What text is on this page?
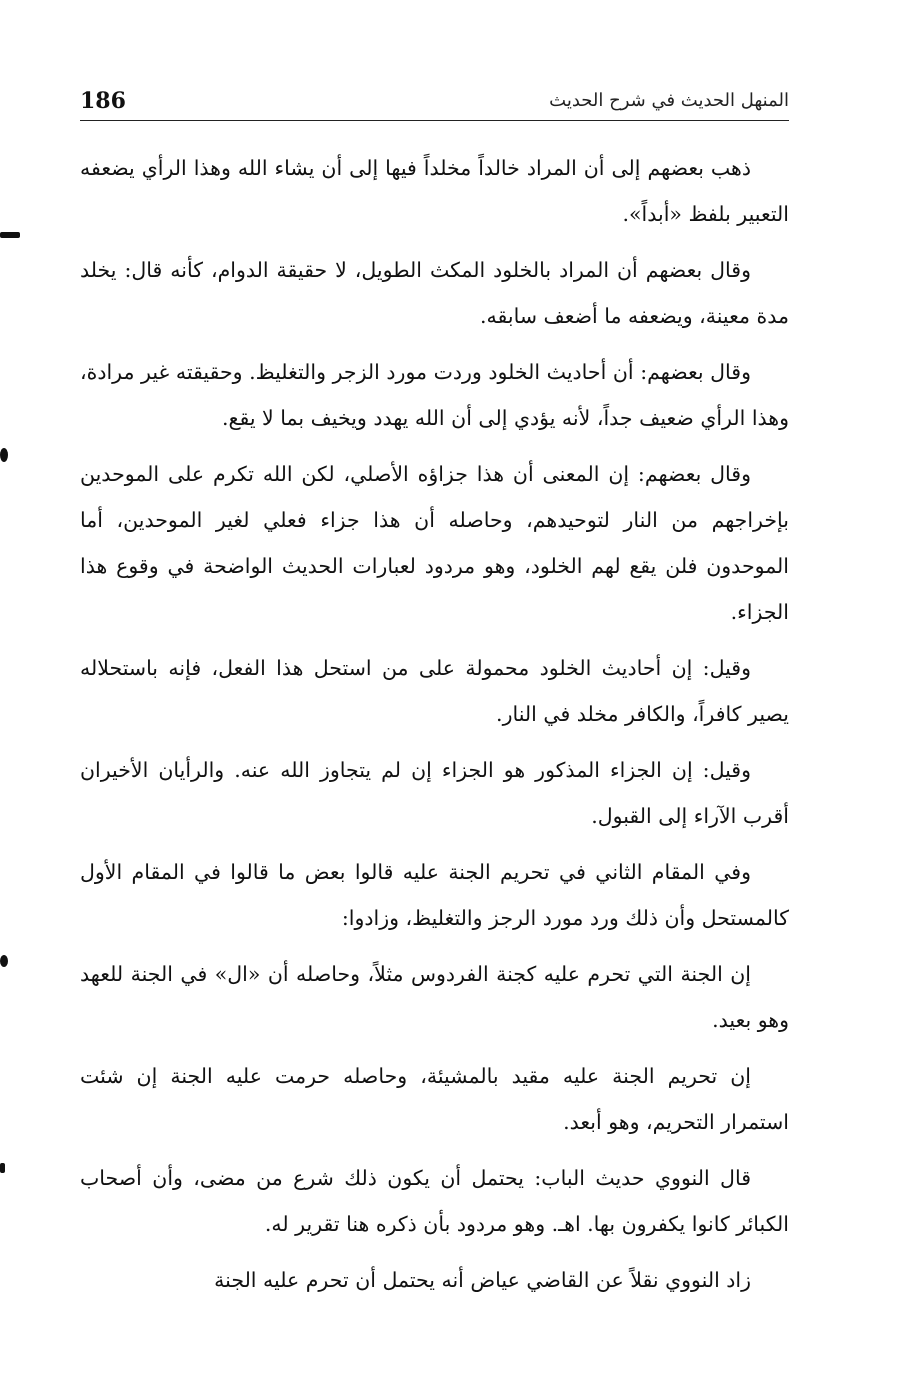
186	المنهل الحديث في شرح الحديث

ذهب بعضهم إلى أن المراد خالداً مخلداً فيها إلى أن يشاء الله وهذا الرأي يضعفه التعبير بلفظ «أبداً».

وقال بعضهم أن المراد بالخلود المكث الطويل، لا حقيقة الدوام، كأنه قال: يخلد مدة معينة، ويضعفه ما أضعف سابقه.

وقال بعضهم: أن أحاديث الخلود وردت مورد الزجر والتغليظ. وحقيقته غير مرادة، وهذا الرأي ضعيف جداً، لأنه يؤدي إلى أن الله يهدد ويخيف بما لا يقع.

وقال بعضهم: إن المعنى أن هذا جزاؤه الأصلي، لكن الله تكرم على الموحدين بإخراجهم من النار لتوحيدهم، وحاصله أن هذا جزاء فعلي لغير الموحدين، أما الموحدون فلن يقع لهم الخلود، وهو مردود لعبارات الحديث الواضحة في وقوع هذا الجزاء.

وقيل: إن أحاديث الخلود محمولة على من استحل هذا الفعل، فإنه باستحلاله يصير كافراً، والكافر مخلد في النار.

وقيل: إن الجزاء المذكور هو الجزاء إن لم يتجاوز الله عنه. والرأيان الأخيران أقرب الآراء إلى القبول.

وفي المقام الثاني في تحريم الجنة عليه قالوا بعض ما قالوا في المقام الأول كالمستحل وأن ذلك ورد مورد الرجز والتغليظ، وزادوا:

إن الجنة التي تحرم عليه كجنة الفردوس مثلاً، وحاصله أن «ال» في الجنة للعهد وهو بعيد.

إن تحريم الجنة عليه مقيد بالمشيئة، وحاصله حرمت عليه الجنة إن شئت استمرار التحريم، وهو أبعد.

قال النووي حديث الباب: يحتمل أن يكون ذلك شرع من مضى، وأن أصحاب الكبائر كانوا يكفرون بها. اهـ. وهو مردود بأن ذكره هنا تقرير له.

زاد النووي نقلاً عن القاضي عياض أنه يحتمل أن تحرم عليه الجنة
